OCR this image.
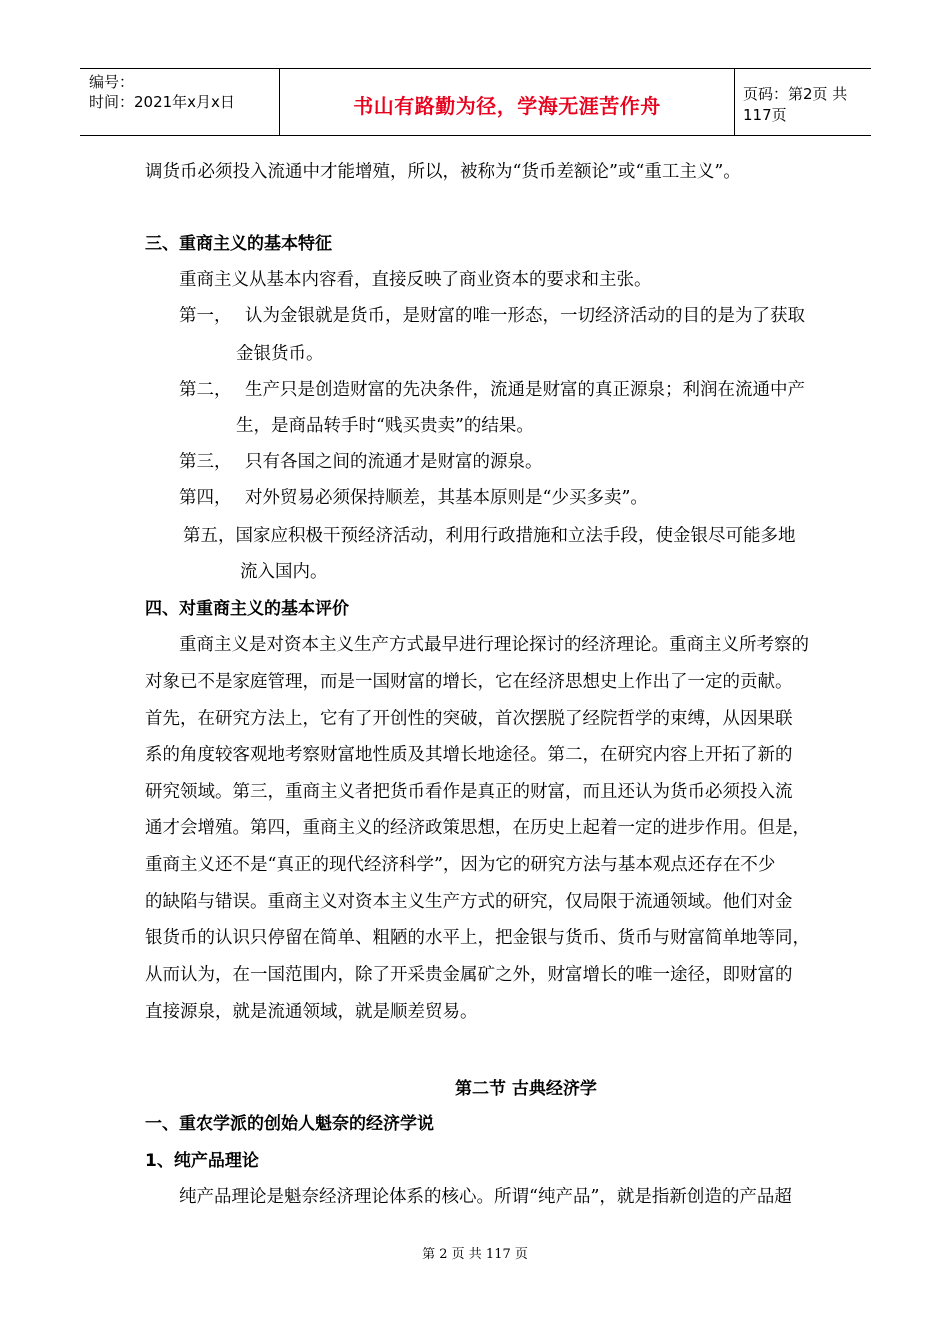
编号：
时间：2021年x月x日	书山有路勤为径，学海无涯苦作舟	页码：第2页 共117页
调货币必须投入流通中才能增殖，所以，被称为“货币差额论”或“重工主义”。
三、重商主义的基本特征
重商主义从基本内容看，直接反映了商业资本的要求和主张。
第一， 认为金银就是货币，是财富的唯一形态，一切经济活动的目的是为了获取
金银货币。
第二， 生产只是创造财富的先决条件，流通是财富的真正源泉；利润在流通中产
生，是商品转手时“贱买贵卖”的结果。
第三， 只有各国之间的流通才是财富的源泉。
第四， 对外贸易必须保持顺差，其基本原则是“少买多卖”。
第五，国家应积极干预经济活动，利用行政措施和立法手段，使金银尽可能多地
流入国内。
四、对重商主义的基本评价
重商主义是对资本主义生产方式最早进行理论探讨的经济理论。重商主义所考察的
对象已不是家庭管理，而是一国财富的增长，它在经济思想史上作出了一定的贡献。
首先，在研究方法上，它有了开创性的突破，首次摆脱了经院哲学的束缚，从因果联
系的角度较客观地考察财富地性质及其增长地途径。第二，在研究内容上开拓了新的
研究领域。第三，重商主义者把货币看作是真正的财富，而且还认为货币必须投入流
通才会增殖。第四，重商主义的经济政策思想，在历史上起着一定的进步作用。但是，
重商主义还不是“真正的现代经济科学”，因为它的研究方法与基本观点还存在不少
的缺陷与错误。重商主义对资本主义生产方式的研究，仅局限于流通领域。他们对金
银货币的认识只停留在简单、粗陋的水平上，把金银与货币、货币与财富简单地等同，
从而认为，在一国范围内，除了开采贵金属矿之外，财富增长的唯一途径，即财富的
直接源泉，就是流通领域，就是顺差贸易。
第二节 古典经济学
一、重农学派的创始人魁奈的经济学说
1、纯产品理论
纯产品理论是魁奈经济理论体系的核心。所谓“纯产品”，就是指新创造的产品超
第 2 页 共 117 页
